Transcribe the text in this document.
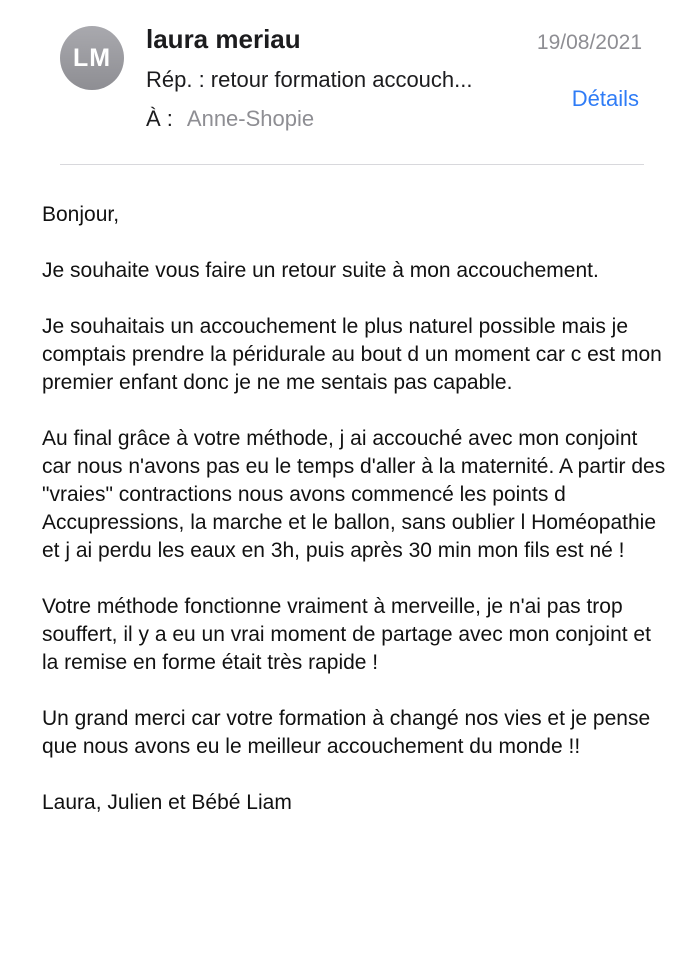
LM
laura meriau	19/08/2021
Rép. : retour formation accouch...
Détails
À : Anne-Shopie

Bonjour,

Je souhaite vous faire un retour suite à mon accouchement.

Je souhaitais un accouchement le plus naturel possible mais je comptais prendre la péridurale au bout d un moment car c est mon premier enfant donc je ne me sentais pas capable.

Au final grâce à votre méthode, j ai accouché avec mon conjoint car nous n'avons pas eu le temps d'aller à la maternité. A partir des "vraies" contractions nous avons commencé les points d Accupressions, la marche et le ballon, sans oublier l Homéopathie et j ai perdu les eaux en 3h, puis après 30 min mon fils est né !

Votre méthode fonctionne vraiment à merveille, je n'ai pas trop souffert, il y a eu un vrai moment de partage avec mon conjoint et la remise en forme était très rapide !

Un grand merci car votre formation à changé nos vies et je pense que nous avons eu le meilleur accouchement du monde !!

Laura, Julien et Bébé Liam
